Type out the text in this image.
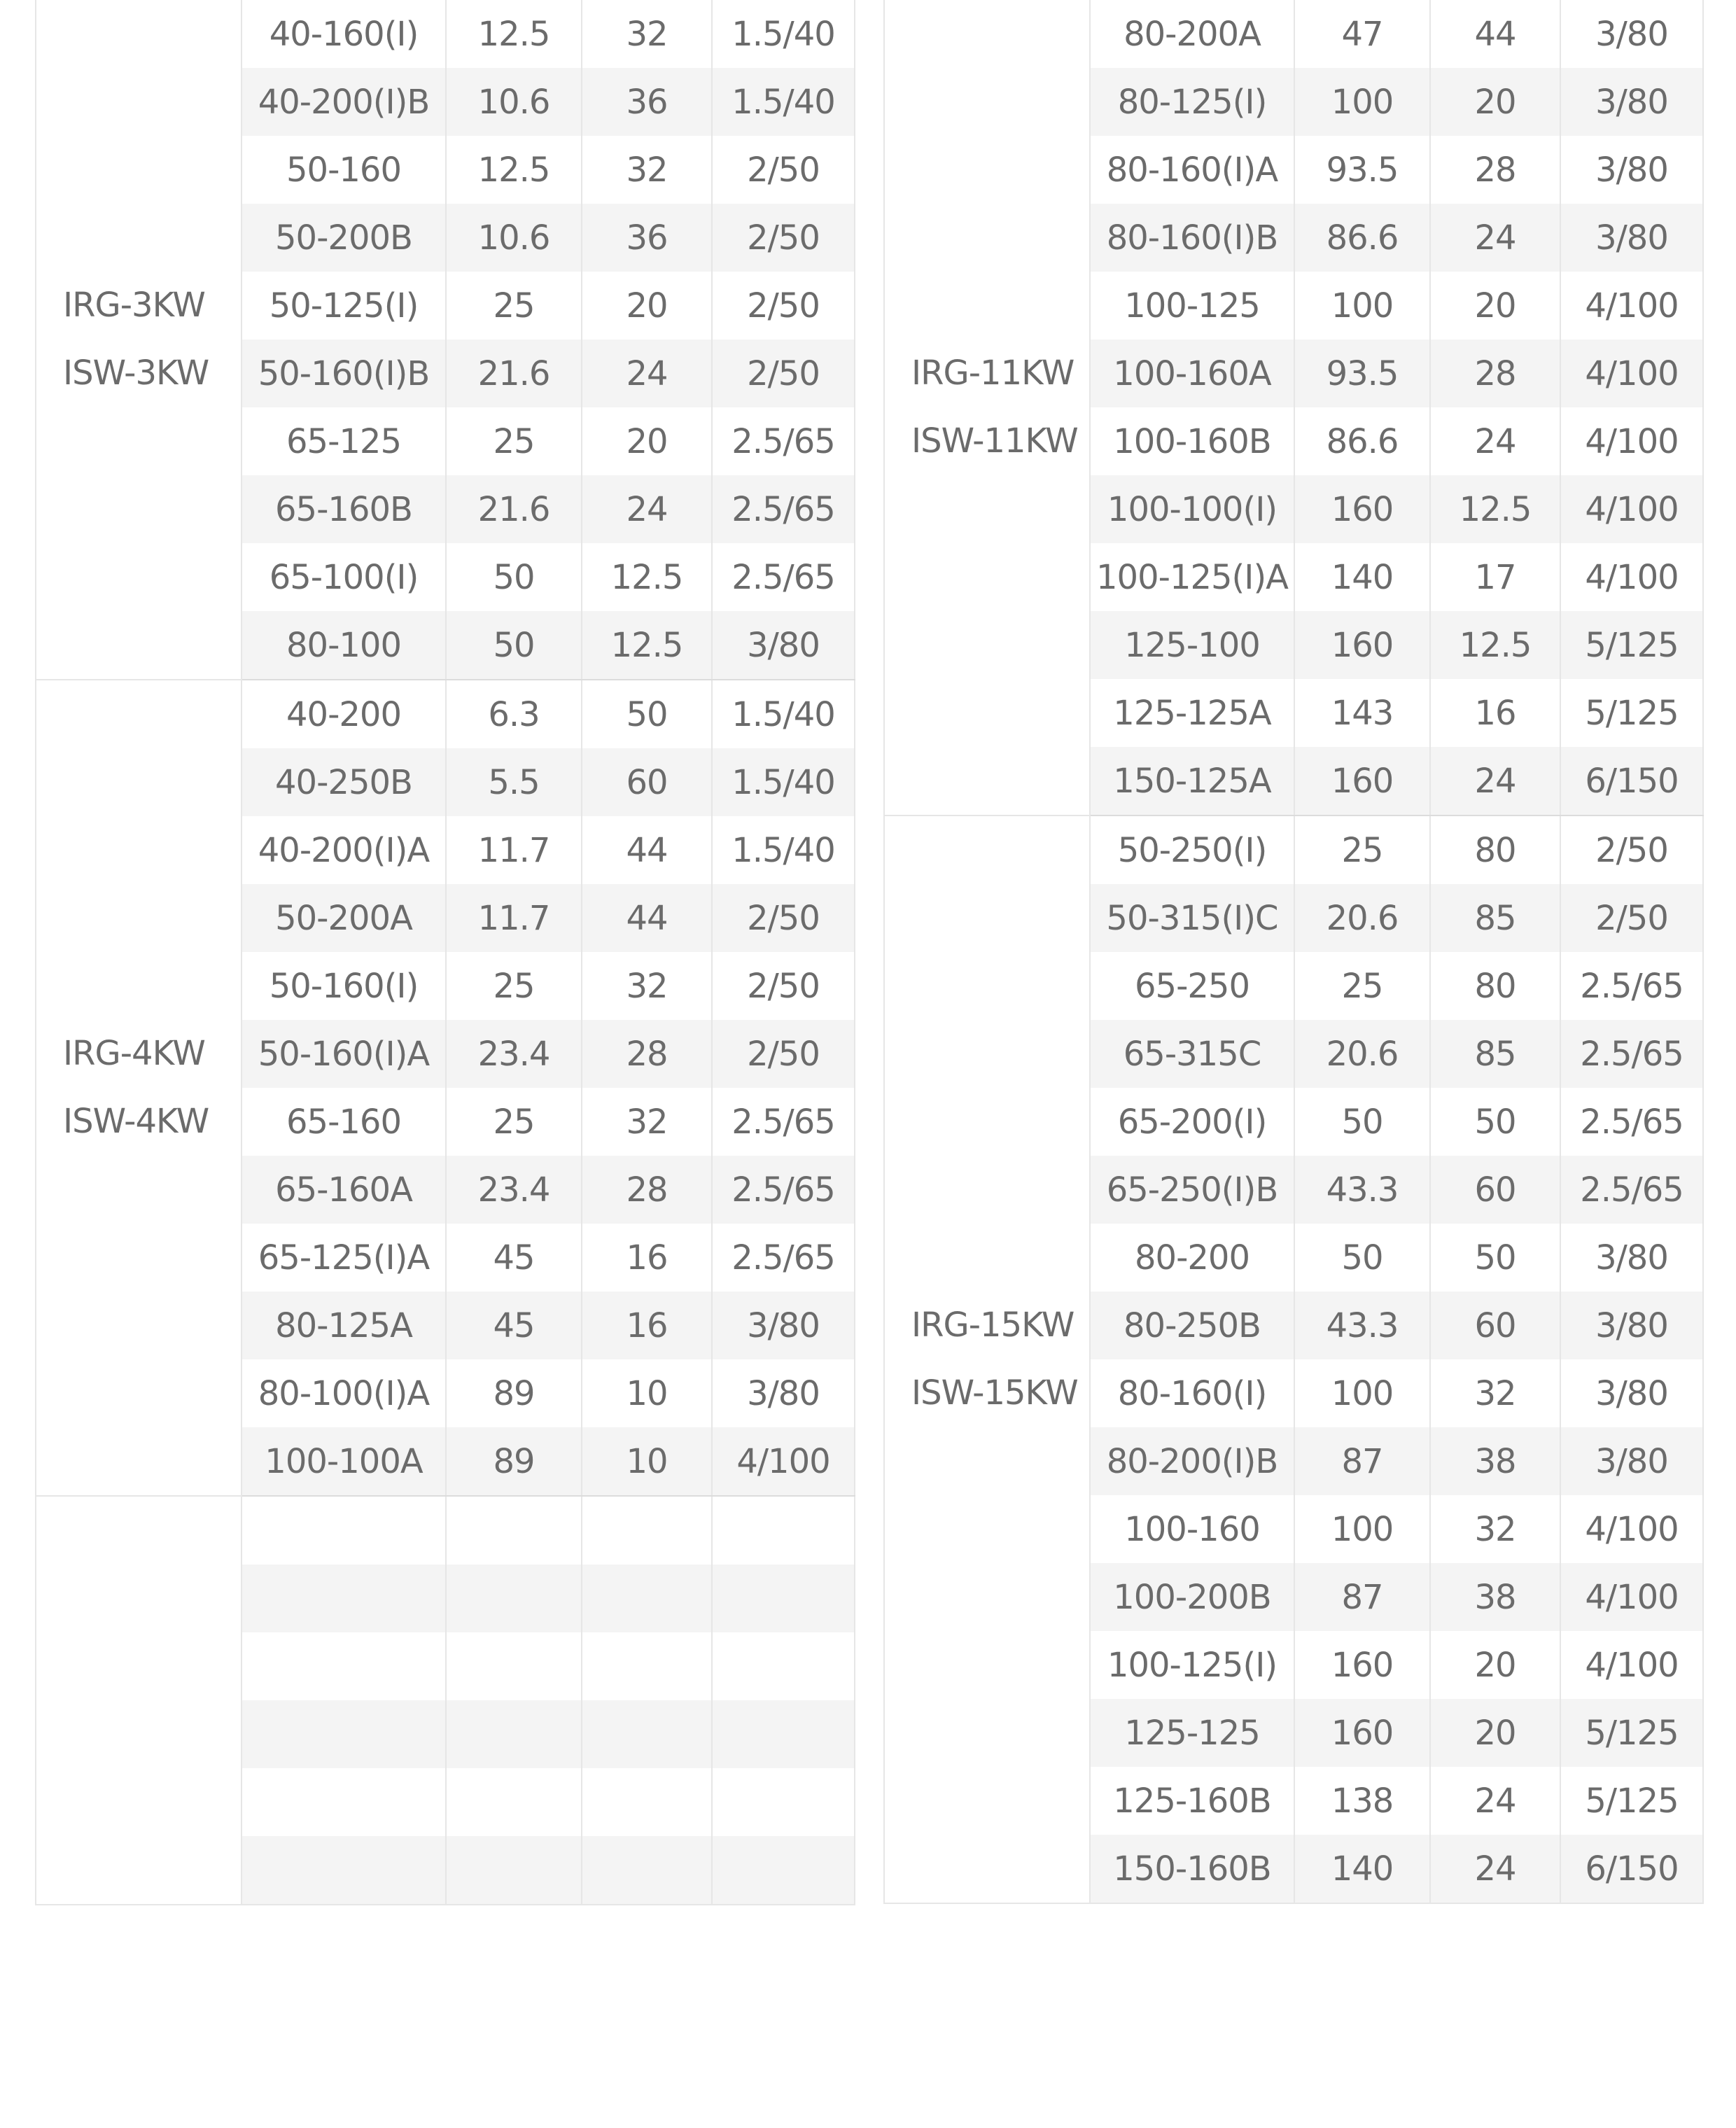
IRG-3KW
ISW-3KW	40-160(I)	12.5	32	1.5/40
	40-200(I)B	10.6	36	1.5/40
	50-160	12.5	32	2/50
	50-200B	10.6	36	2/50
	50-125(I)	25	20	2/50
	50-160(I)B	21.6	24	2/50
	65-125	25	20	2.5/65
	65-160B	21.6	24	2.5/65
	65-100(I)	50	12.5	2.5/65
	80-100	50	12.5	3/80

IRG-4KW
ISW-4KW	40-200	6.3	50	1.5/40
	40-250B	5.5	60	1.5/40
	40-200(I)A	11.7	44	1.5/40
	50-200A	11.7	44	2/50
	50-160(I)	25	32	2/50
	50-160(I)A	23.4	28	2/50
	65-160	25	32	2.5/65
	65-160A	23.4	28	2.5/65
	65-125(I)A	45	16	2.5/65
	80-125A	45	16	3/80
	80-100(I)A	89	10	3/80
	100-100A	89	10	4/100

IRG-11KW
ISW-11KW	80-200A	47	44	3/80
	80-125(I)	100	20	3/80
	80-160(I)A	93.5	28	3/80
	80-160(I)B	86.6	24	3/80
	100-125	100	20	4/100
	100-160A	93.5	28	4/100
	100-160B	86.6	24	4/100
	100-100(I)	160	12.5	4/100
	100-125(I)A	140	17	4/100
	125-100	160	12.5	5/125
	125-125A	143	16	5/125
	150-125A	160	24	6/150

IRG-15KW
ISW-15KW	50-250(I)	25	80	2/50
	50-315(I)C	20.6	85	2/50
	65-250	25	80	2.5/65
	65-315C	20.6	85	2.5/65
	65-200(I)	50	50	2.5/65
	65-250(I)B	43.3	60	2.5/65
	80-200	50	50	3/80
	80-250B	43.3	60	3/80
	80-160(I)	100	32	3/80
	80-200(I)B	87	38	3/80
	100-160	100	32	4/100
	100-200B	87	38	4/100
	100-125(I)	160	20	4/100
	125-125	160	20	5/125
	125-160B	138	24	5/125
	150-160B	140	24	6/150
